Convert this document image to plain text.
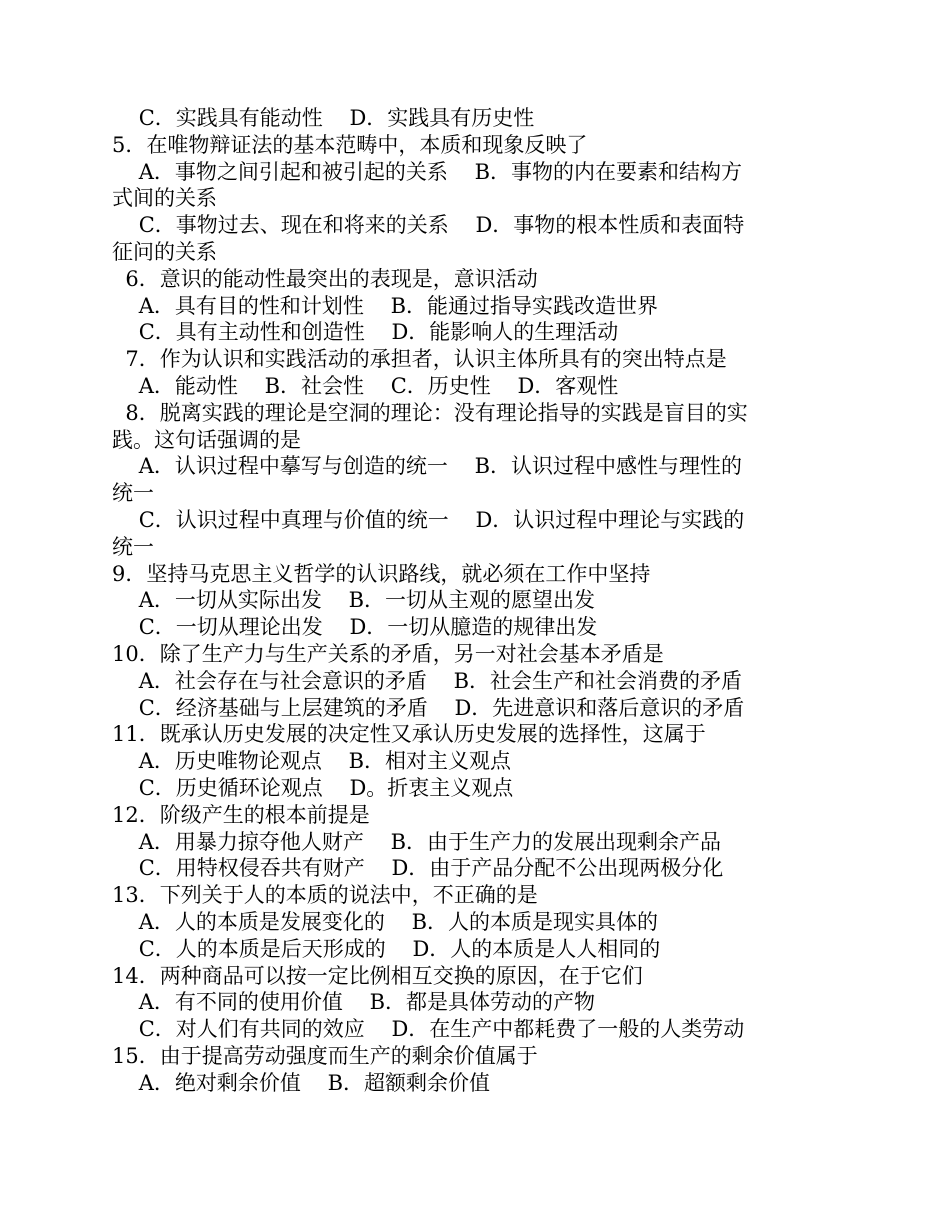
C．实践具有能动性    D．实践具有历史性
5．在唯物辩证法的基本范畴中，本质和现象反映了
A．事物之间引起和被引起的关系    B．事物的内在要素和结构方
式间的关系
C．事物过去、现在和将来的关系    D．事物的根本性质和表面特
征问的关系
6．意识的能动性最突出的表现是，意识活动
A．具有目的性和计划性    B．能通过指导实践改造世界
C．具有主动性和创造性    D．能影响人的生理活动
7．作为认识和实践活动的承担者，认识主体所具有的突出特点是
A．能动性    B．社会性    C．历史性    D．客观性
8．脱离实践的理论是空洞的理论：没有理论指导的实践是盲目的实
践。这句话强调的是
A．认识过程中摹写与创造的统一    B．认识过程中感性与理性的
统一
C．认识过程中真理与价值的统一    D．认识过程中理论与实践的
统一
9．坚持马克思主义哲学的认识路线，就必须在工作中坚持
A．一切从实际出发    B．一切从主观的愿望出发
C．一切从理论出发    D．一切从臆造的规律出发
10．除了生产力与生产关系的矛盾，另一对社会基本矛盾是
A．社会存在与社会意识的矛盾    B．社会生产和社会消费的矛盾
C．经济基础与上层建筑的矛盾    D．先进意识和落后意识的矛盾
11．既承认历史发展的决定性又承认历史发展的选择性，这属于
A．历史唯物论观点    B．相对主义观点
C．历史循环论观点    D。折衷主义观点
12．阶级产生的根本前提是
A．用暴力掠夺他人财产    B．由于生产力的发展出现剩余产品
C．用特权侵吞共有财产    D．由于产品分配不公出现两极分化
13．下列关于人的本质的说法中，不正确的是
A．人的本质是发展变化的    B．人的本质是现实具体的
C．人的本质是后天形成的    D．人的本质是人人相同的
14．两种商品可以按一定比例相互交换的原因，在于它们
A．有不同的使用价值    B．都是具体劳动的产物
C．对人们有共同的效应    D．在生产中都耗费了一般的人类劳动
15．由于提高劳动强度而生产的剩余价值属于
A．绝对剩余价值    B．超额剩余价值
